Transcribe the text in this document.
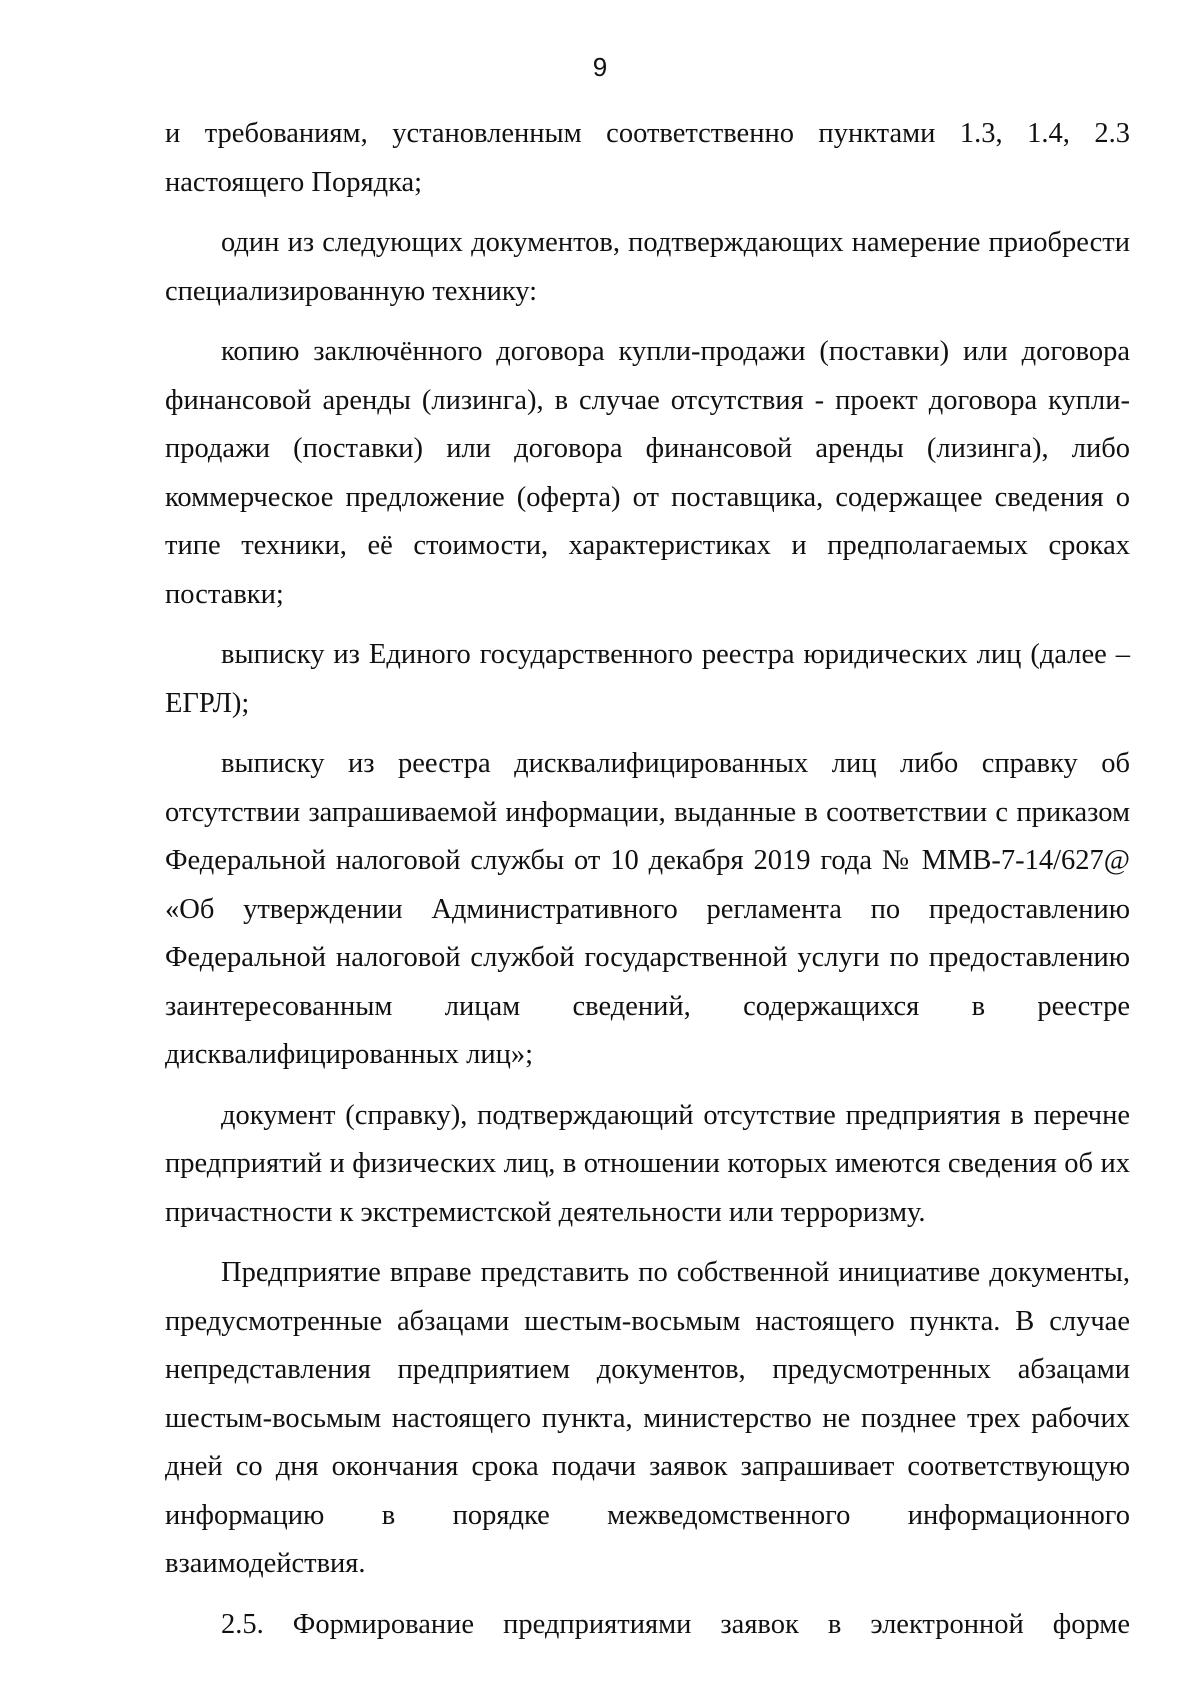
9

и требованиям, установленным соответственно пунктами 1.3, 1.4, 2.3 настоящего Порядка;

один из следующих документов, подтверждающих намерение приобрести специализированную технику:

копию заключённого договора купли-продажи (поставки) или договора финансовой аренды (лизинга), в случае отсутствия - проект договора купли-продажи (поставки) или договора финансовой аренды (лизинга), либо коммерческое предложение (оферта) от поставщика, содержащее сведения о типе техники, её стоимости, характеристиках и предполагаемых сроках поставки;

выписку из Единого государственного реестра юридических лиц (далее – ЕГРЛ);

выписку из реестра дисквалифицированных лиц либо справку об отсутствии запрашиваемой информации, выданные в соответствии с приказом Федеральной налоговой службы от 10 декабря 2019 года № ММВ-7-14/627@ «Об утверждении Административного регламента по предоставлению Федеральной налоговой службой государственной услуги по предоставлению заинтересованным лицам сведений, содержащихся в реестре дисквалифицированных лиц»;

документ (справку), подтверждающий отсутствие предприятия в перечне предприятий и физических лиц, в отношении которых имеются сведения об их причастности к экстремистской деятельности или терроризму.

Предприятие вправе представить по собственной инициативе документы, предусмотренные абзацами шестым-восьмым настоящего пункта. В случае непредставления предприятием документов, предусмотренных абзацами шестым-восьмым настоящего пункта, министерство не позднее трех рабочих дней со дня окончания срока подачи заявок запрашивает соответствующую информацию в порядке межведомственного информационного взаимодействия.

2.5. Формирование предприятиями заявок в электронной форме
